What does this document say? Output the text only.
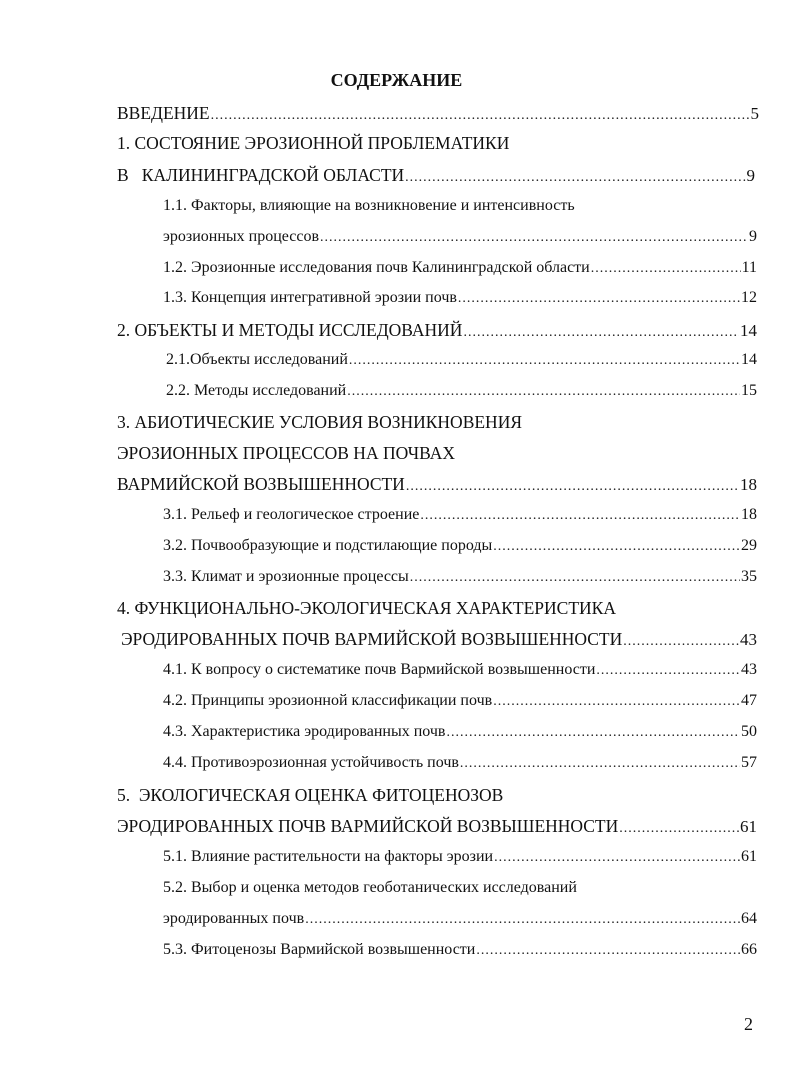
СОДЕРЖАНИЕ
ВВЕДЕНИЕ .....	5
1. СОСТОЯНИЕ ЭРОЗИОННОЙ ПРОБЛЕМАТИКИ
В   КАЛИНИНГРАДСКОЙ ОБЛАСТИ .....	9
1.1. Факторы, влияющие на возникновение и интенсивность
эрозионных процессов .....	9
1.2. Эрозионные исследования почв Калининградской области .....	11
1.3. Концепция интегративной эрозии почв .....	12
2. ОБЪЕКТЫ И МЕТОДЫ ИССЛЕДОВАНИЙ .....	14
2.1.Объекты исследований .....	14
2.2. Методы исследований .....	15
3. АБИОТИЧЕСКИЕ УСЛОВИЯ ВОЗНИКНОВЕНИЯ
ЭРОЗИОННЫХ ПРОЦЕССОВ НА ПОЧВАХ
ВАРМИЙСКОЙ ВОЗВЫШЕННОСТИ .....	18
3.1. Рельеф и геологическое строение .....	18
3.2. Почвообразующие и подстилающие породы .....	29
3.3. Климат и эрозионные процессы .....	35
4. ФУНКЦИОНАЛЬНО-ЭКОЛОГИЧЕСКАЯ ХАРАКТЕРИСТИКА
ЭРОДИРОВАННЫХ ПОЧВ ВАРМИЙСКОЙ ВОЗВЫШЕННОСТИ .....	43
4.1. К вопросу о систематике почв Вармийской возвышенности .....	43
4.2. Принципы эрозионной классификации почв .....	47
4.3. Характеристика эродированных почв .....	50
4.4. Противоэрозионная устойчивость почв .....	57
5.  ЭКОЛОГИЧЕСКАЯ ОЦЕНКА ФИТОЦЕНОЗОВ
ЭРОДИРОВАННЫХ ПОЧВ ВАРМИЙСКОЙ ВОЗВЫШЕННОСТИ .....	61
5.1. Влияние растительности на факторы эрозии .....	61
5.2. Выбор и оценка методов геоботанических исследований
эродированных почв .....	64
5.3. Фитоценозы Вармийской возвышенности .....	66
2
